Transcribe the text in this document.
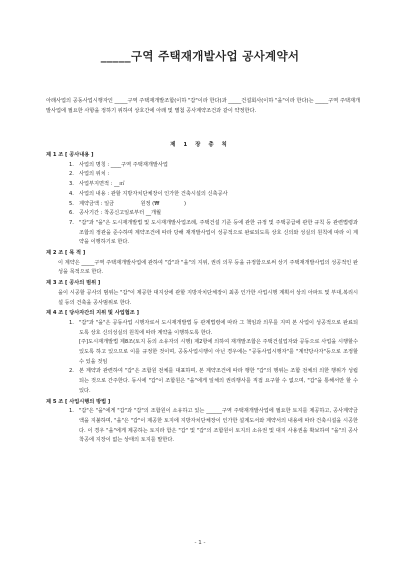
_____구역 주택재개발사업 공사계약서
아래사업의 공동사업시행자인 _____구역 주택재개발조합(이하 "갑"이라 한다)과 _____건설회사(이하 "을"이라 한다)는 _____구역 주택재개발사업에 필요한 사항을 정하기 위하여 상호간에 아래 및 별첨 공사계약조건과 같이 약정한다.
제 1 장 총 칙
제 1 조 [ 공사내용 ]
1. 사업의 명칭 : ____구역 주택재개발사업
2. 사업의 위치 :
3. 사업부지면적 : __㎡
4. 사업의 내용 : 관할 지방자치단체장이 인가한 건축시설의 신축공사
5. 계약금액 : 일금                원정 (₩               )
6. 공사기간 : 착공신고일로부터 __개월
7. "갑"과 "을"은 도시재개발법 및 도시재개발사업조례, 주택건설 기준 등에 관한 규정 및 주택공급에 관한 규칙 등 관련법령과 조합의 정관을 준수하며 계약조건에 따라 당해 재개발사업이 성공적으로 완료되도록 상호 신의와 성실의 원칙에 따라 이 계약을 이행하기로 한다.
제 2 조 [ 목 적 ]
이 계약은 _____구역 주택재개발사업에 관하여 "갑"과 "을"의 지위, 권리 의무 등을 규정함으로써 상기 주택재개발사업의 성공적인 완성을 목적으로 한다.
제 3 조 [ 공사의 범위 ]
을이 시공할 공사의 범위는 "갑"이 제공한 대지상에 관할 지방자치단체장이 최종 인가한 사업시행 계획서 상의 아파트 및 부대,복리시설 등의 건축을 공사범위로 한다.
제 4 조 [ 당사자간의 지위 및 사업협조 ]
1. "갑"과 "을"은 공동사업 시행자로서 도시재개발법 등 관계법령에 따라 그 책임과 의무를 지며 본 사업이 성공적으로 완료되도록 상호 신의성실의 원칙에 따라 계약을 이행하도록 한다.
[주]도시재개발법 제8조(토지 등의 소유자의 시행) 제2항에 의하여 재개발조합은 주택건설업자와 공동으로 사업을 시행할수 있도록 하고 있으므로 이를 규정한 것이며, 공동사업시행이 아닌 경우에는 "공동사업시행자"를 "계약당사자"등으로 조정할 수 있을 것임
2. 본 계약과 관련하여 "갑"은 조합원 전체를 대표하며, 본 계약조건에 따라 행한 "갑"의 행위는 조합 전체의 의한 행위가 성립되는 것으로 간주한다. 동시에 "갑"이 조합원은 "을"에게 일체의 권리행사를 직접 요구할 수 없으며, "갑"을 통해서만 할 수 있다.
제 5 조 [ 사업시행의 방법 ]
1. "갑"은 "을"에게 "갑"과 "갑"의 조합원이 소유하고 있는 ______구역 주택재개발사업에 필요한 토지를 제공하고, 공사계약금액을 지불하며, "을"은 "갑"이 제공한 토지에 지방자치단체장이 인가한 설계도서와 계약서의 내용에 따라 건축시설을 시공한다. 이 경우 "을"에게 제공하는 토지라 함은 "갑" 및 "갑"의 조합원이 토지의 소유권 및 대지 사용권을 확보하여 "을"의 공사착공에 지장이 없는 상태의 토지를 말한다.
- 1 -
